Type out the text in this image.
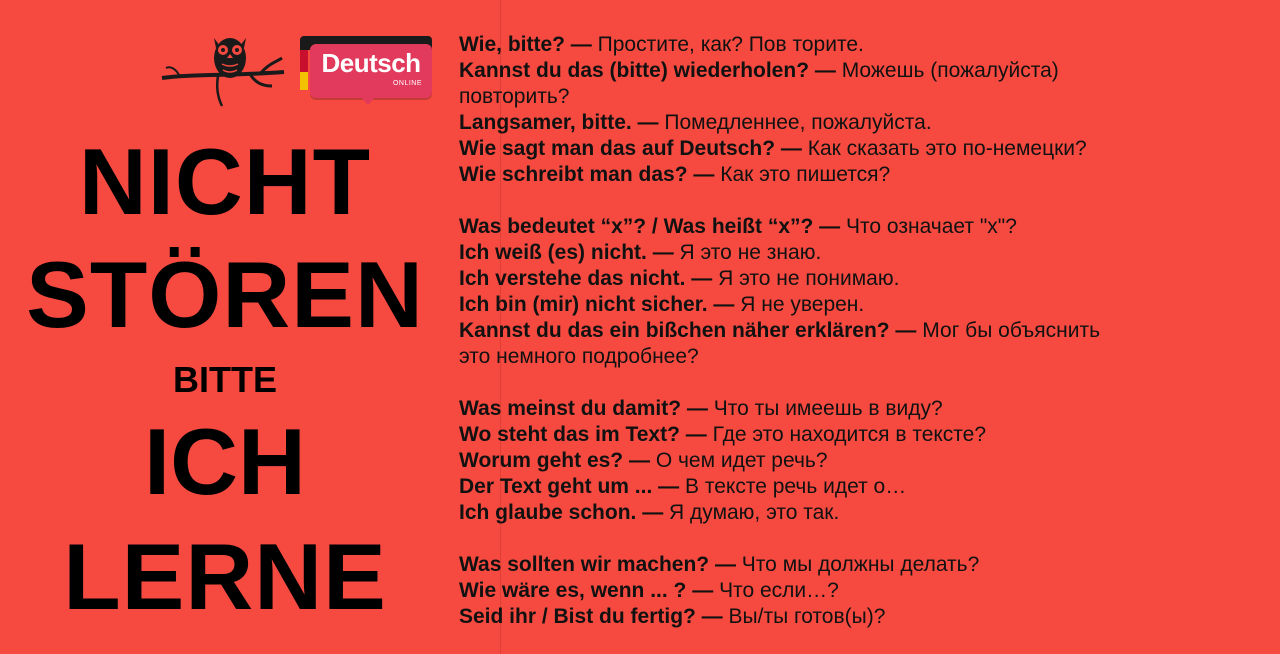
Deutsch
ONLINE
NICHT
STÖREN
BITTE
ICH
LERNE
Wie, bitte? — Простите, как? Пов торите.
Kannst du das (bitte) wiederholen? — Можешь (пожалуйста)
повторить?
Langsamer, bitte. — Помедленнее, пожалуйста.
Wie sagt man das auf Deutsch? — Как сказать это по-немецки?
Wie schreibt man das? — Как это пишется?
Was bedeutet “x”? / Was heißt “x”? — Что означает "x"?
Ich weiß (es) nicht. — Я это не знаю.
Ich verstehe das nicht. — Я это не понимаю.
Ich bin (mir) nicht sicher. — Я не уверен.
Kannst du das ein bißchen näher erklären? — Мог бы объяснить
это немного подробнее?
Was meinst du damit? — Что ты имеешь в виду?
Wo steht das im Text? — Где это находится в тексте?
Worum geht es? — О чем идет речь?
Der Text geht um ... — В тексте речь идет о…
Ich glaube schon. — Я думаю, это так.
Was sollten wir machen? — Что мы должны делать?
Wie wäre es, wenn ... ? — Что если…?
Seid ihr / Bist du fertig? — Вы/ты готов(ы)?
